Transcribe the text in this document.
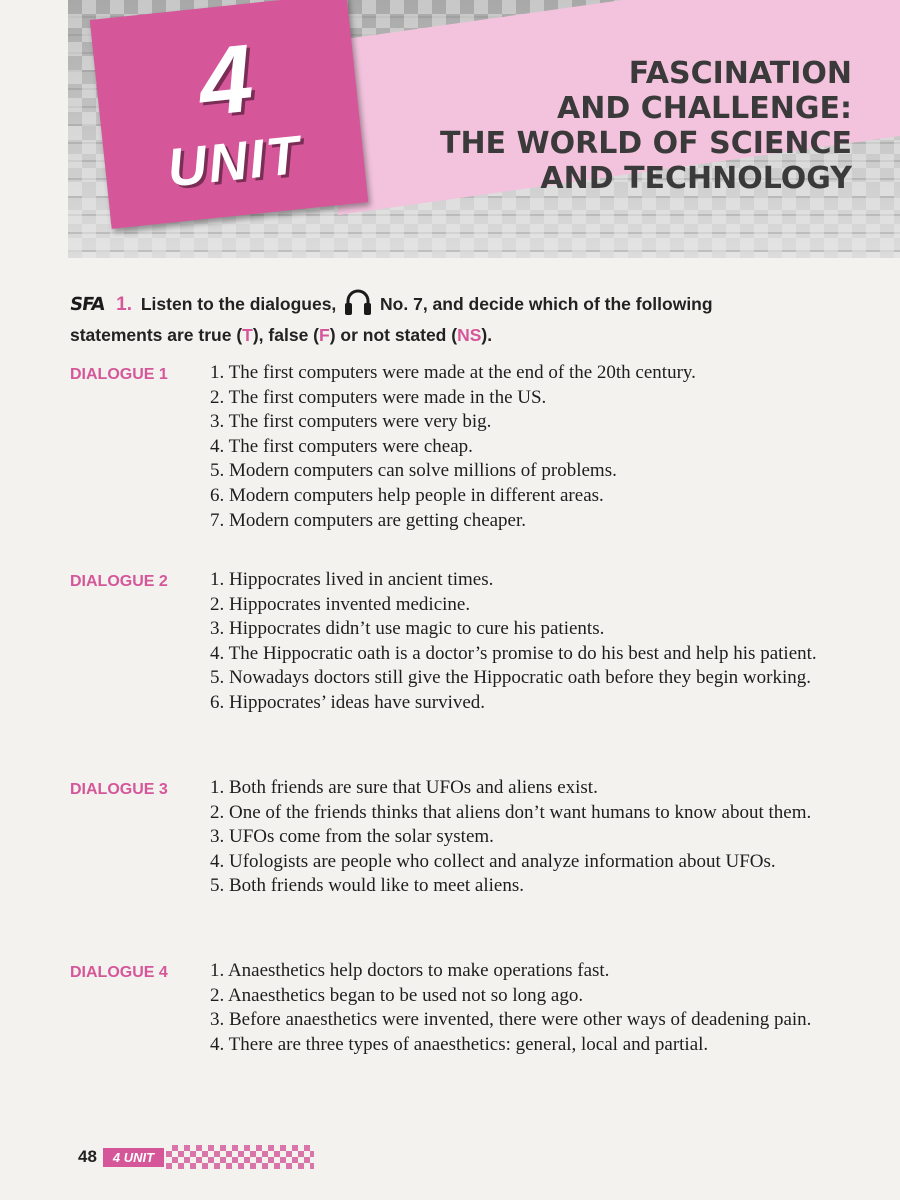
4
UNIT
FASCINATION
AND CHALLENGE:
THE WORLD OF SCIENCE
AND TECHNOLOGY
SFA 1. Listen to the dialogues,	No. 7, and decide which of the following
statements are true (T), false (F) or not stated (NS).
DIALOGUE 1	1. The first computers were made at the end of the 20th century.
2. The first computers were made in the US.
3. The first computers were very big.
4. The first computers were cheap.
5. Modern computers can solve millions of problems.
6. Modern computers help people in different areas.
7. Modern computers are getting cheaper.
DIALOGUE 2	1. Hippocrates lived in ancient times.
2. Hippocrates invented medicine.
3. Hippocrates didn’t use magic to cure his patients.
4. The Hippocratic oath is a doctor’s promise to do his best and help his patient.
5. Nowadays doctors still give the Hippocratic oath before they begin working.
6. Hippocrates’ ideas have survived.
DIALOGUE 3	1. Both friends are sure that UFOs and aliens exist.
2. One of the friends thinks that aliens don’t want humans to know about them.
3. UFOs come from the solar system.
4. Ufologists are people who collect and analyze information about UFOs.
5. Both friends would like to meet aliens.
DIALOGUE 4	1. Anaesthetics help doctors to make operations fast.
2. Anaesthetics began to be used not so long ago.
3. Before anaesthetics were invented, there were other ways of deadening pain.
4. There are three types of anaesthetics: general, local and partial.
48	4 UNIT
